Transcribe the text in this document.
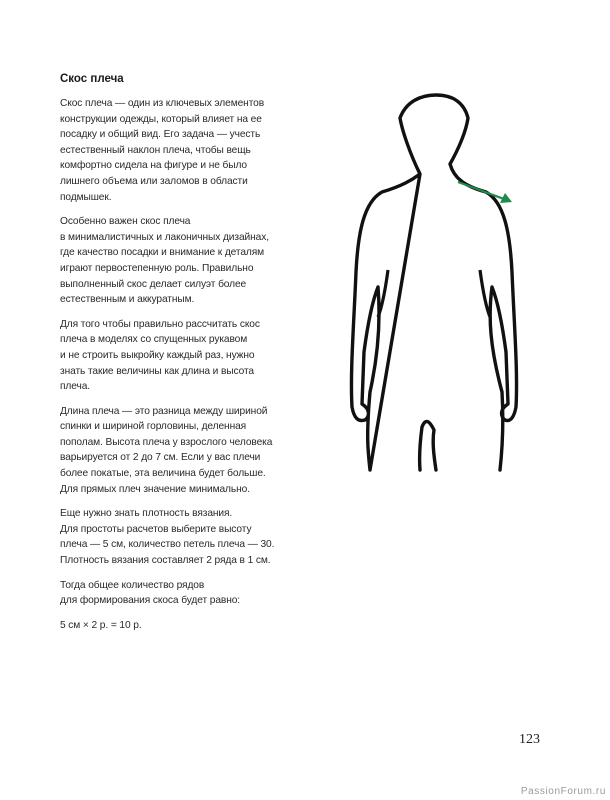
Скос плеча

Скос плеча — один из ключевых элементов
конструкции одежды, который влияет на ее
посадку и общий вид. Его задача — учесть
естественный наклон плеча, чтобы вещь
комфортно сидела на фигуре и не было
лишнего объема или заломов в области
подмышек.

Особенно важен скос плеча
в минималистичных и лаконичных дизайнах,
где качество посадки и внимание к деталям
играют первостепенную роль. Правильно
выполненный скос делает силуэт более
естественным и аккуратным.

Для того чтобы правильно рассчитать скос
плеча в моделях со спущенных рукавом
и не строить выкройку каждый раз, нужно
знать такие величины как длина и высота
плеча.

Длина плеча — это разница между шириной
спинки и шириной горловины, деленная
пополам. Высота плеча у взрослого человека
варьируется от 2 до 7 см. Если у вас плечи
более покатые, эта величина будет больше.
Для прямых плеч значение минимально.

Еще нужно знать плотность вязания.
Для простоты расчетов выберите высоту
плеча — 5 см, количество петель плеча — 30.
Плотность вязания составляет 2 ряда в 1 см.

Тогда общее количество рядов
для формирования скоса будет равно:

5 см × 2 р. = 10 р.

123
PassionForum.ru
